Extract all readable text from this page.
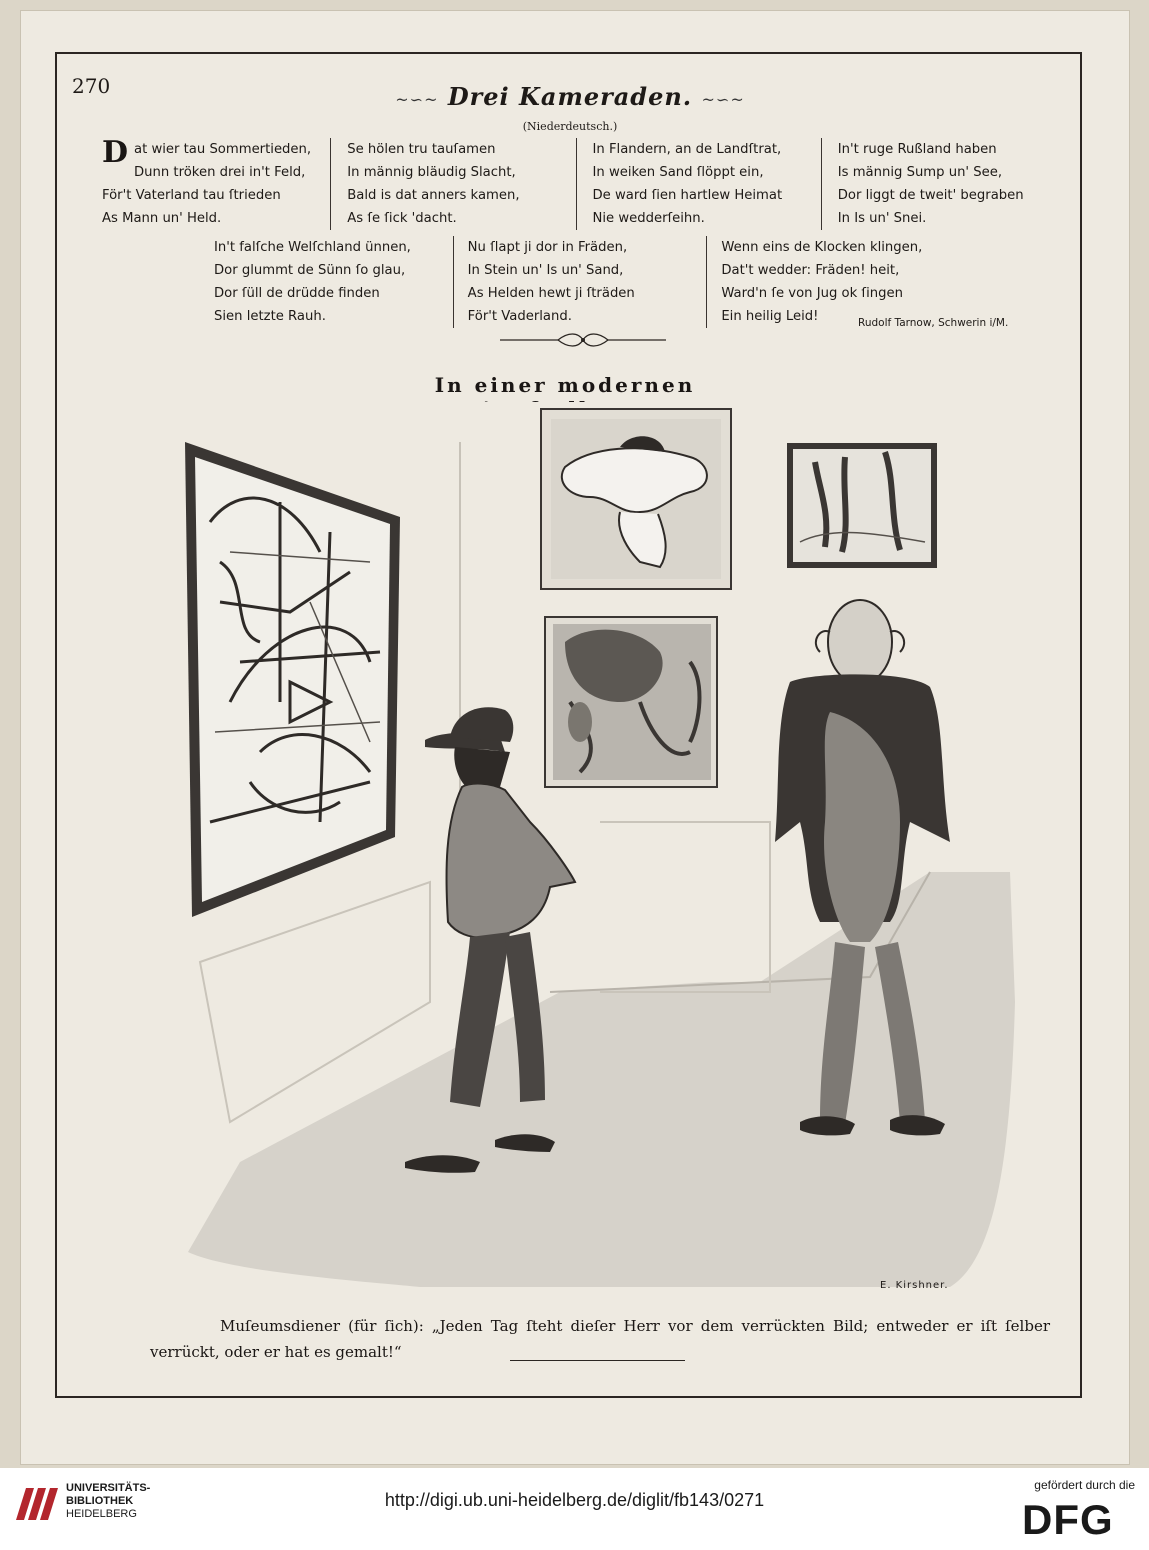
270
~∽~ Drei Kameraden. ~∽~
(Niederdeutsch.)
D at wier tau Sommertieden,
Dunn tröken drei in't Feld,
För't Vaterland tau ſtrieden
As Mann un' Held.
Se hölen tru tauſamen
In männig bläudig Slacht,
Bald is dat anners kamen,
As ſe ſick 'dacht.
In Flandern, an de Landſtrat,
In weiken Sand ſlöppt ein,
De ward ſien hartlew Heimat
Nie wedderſeihn.
In't ruge Rußland haben
Is männig Sump un' See,
Dor liggt de tweit' begraben
In Is un' Snei.
In't falſche Welſchland ünnen,
Dor glummt de Sünn ſo glau,
Dor ſüll de drüdde finden
Sien letzte Rauh.
Nu ſlapt ji dor in Fräden,
In Stein un' Is un' Sand,
As Helden hewt ji ſträden
För't Vaderland.
Wenn eins de Klocken klingen,
Dat't wedder: Fräden! heit,
Ward'n ſe von Jug ok ſingen
Ein heilig Leid!	Rudolf Tarnow, Schwerin i/M.
In einer modernen
E. Kirshner.
Muſeumsdiener (für ſich): „Jeden Tag ſteht dieſer Herr vor dem verrückten Bild; entweder er iſt ſelber verrückt, oder er hat es gemalt!“
UNIVERSITÄTS-
BIBLIOTHEK
HEIDELBERG
http://digi.ub.uni-heidelberg.de/diglit/fb143/0271
gefördert durch die
DFG
